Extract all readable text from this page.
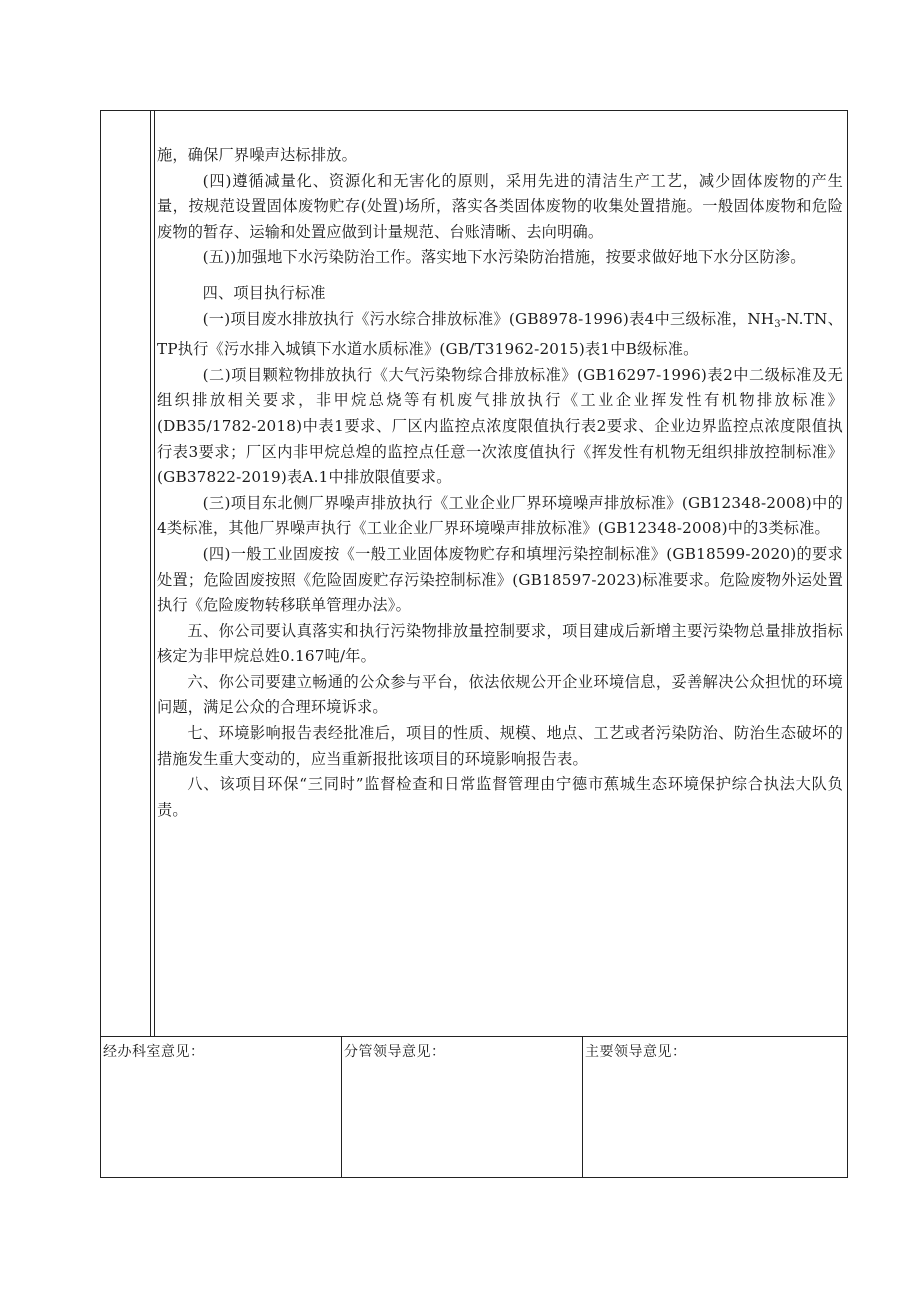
施，确保厂界噪声达标排放。

(四)遵循减量化、资源化和无害化的原则，采用先进的清洁生产工艺，减少固体废物的产生量，按规范设置固体废物贮存(处置)场所，落实各类固体废物的收集处置措施。一般固体废物和危险废物的暂存、运输和处置应做到计量规范、台账清晰、去向明确。

(五))加强地下水污染防治工作。落实地下水污染防治措施，按要求做好地下水分区防渗。

四、项目执行标准

(一)项目废水排放执行《污水综合排放标准》(GB8978-1996)表4中三级标准，$NH_3-N.TN$、TP执行《污水排入城镇下水道水质标准》(GB/T31962-2015)表1中B级标准。

(二)项目颗粒物排放执行《大气污染物综合排放标准》(GB16297-1996)表2中二级标准及无组织排放相关要求，非甲烷总烧等有机废气排放执行《工业企业挥发性有机物排放标准》(DB35/1782-2018)中表1要求、厂区内监控点浓度限值执行表2要求、企业边界监控点浓度限值执行表3要求；厂区内非甲烷总煌的监控点任意一次浓度值执行《挥发性有机物无组织排放控制标准》(GB37822-2019)表A.1中排放限值要求。

(三)项目东北侧厂界噪声排放执行《工业企业厂界环境噪声排放标准》(GB12348-2008)中的4类标准，其他厂界噪声执行《工业企业厂界环境噪声排放标准》(GB12348-2008)中的3类标准。

(四)一般工业固废按《一般工业固体废物贮存和填埋污染控制标准》(GB18599-2020)的要求处置；危险固废按照《危险固废贮存污染控制标准》(GB18597-2023)标准要求。危险废物外运处置执行《危险废物转移联单管理办法》。

五、你公司要认真落实和执行污染物排放量控制要求，项目建成后新增主要污染物总量排放指标核定为非甲烷总姓0.167吨/年。

六、你公司要建立畅通的公众参与平台，依法依规公开企业环境信息，妥善解决公众担忧的环境问题，满足公众的合理环境诉求。

七、环境影响报告表经批准后，项目的性质、规模、地点、工艺或者污染防治、防治生态破坏的措施发生重大变动的，应当重新报批该项目的环境影响报告表。

八、该项目环保“三同时”监督检查和日常监督管理由宁德市蕉城生态环境保护综合执法大队负责。

经办科室意见：	分管领导意见：	主要领导意见：
